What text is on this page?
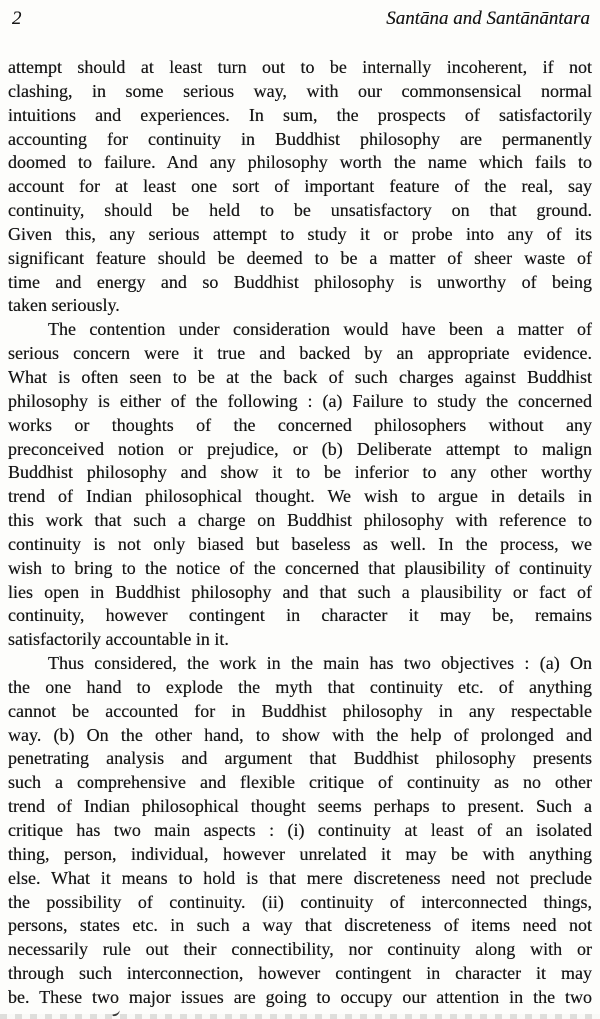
2	Santāna and Santānāntara
attempt should at least turn out to be internally incoherent, if not
clashing, in some serious way, with our commonsensical normal
intuitions and experiences. In sum, the prospects of satisfactorily
accounting for continuity in Buddhist philosophy are permanently
doomed to failure. And any philosophy worth the name which fails to
account for at least one sort of important feature of the real, say
continuity, should be held to be unsatisfactory on that ground.
Given this, any serious attempt to study it or probe into any of its
significant feature should be deemed to be a matter of sheer waste of
time and energy and so Buddhist philosophy is unworthy of being
taken seriously.
The contention under consideration would have been a matter of
serious concern were it true and backed by an appropriate evidence.
What is often seen to be at the back of such charges against Buddhist
philosophy is either of the following : (a) Failure to study the concerned
works or thoughts of the concerned philosophers without any
preconceived notion or prejudice, or (b) Deliberate attempt to malign
Buddhist philosophy and show it to be inferior to any other worthy
trend of Indian philosophical thought. We wish to argue in details in
this work that such a charge on Buddhist philosophy with reference to
continuity is not only biased but baseless as well. In the process, we
wish to bring to the notice of the concerned that plausibility of continuity
lies open in Buddhist philosophy and that such a plausibility or fact of
continuity, however contingent in character it may be, remains
satisfactorily accountable in it.
Thus considered, the work in the main has two objectives : (a) On
the one hand to explode the myth that continuity etc. of anything
cannot be accounted for in Buddhist philosophy in any respectable
way. (b) On the other hand, to show with the help of prolonged and
penetrating analysis and argument that Buddhist philosophy presents
such a comprehensive and flexible critique of continuity as no other
trend of Indian philosophical thought seems perhaps to present. Such a
critique has two main aspects : (i) continuity at least of an isolated
thing, person, individual, however unrelated it may be with anything
else. What it means to hold is that mere discreteness need not preclude
the possibility of continuity. (ii) continuity of interconnected things,
persons, states etc. in such a way that discreteness of items need not
necessarily rule out their connectibility, nor continuity along with or
through such interconnection, however contingent in character it may
be. These two major issues are going to occupy our attention in the two
